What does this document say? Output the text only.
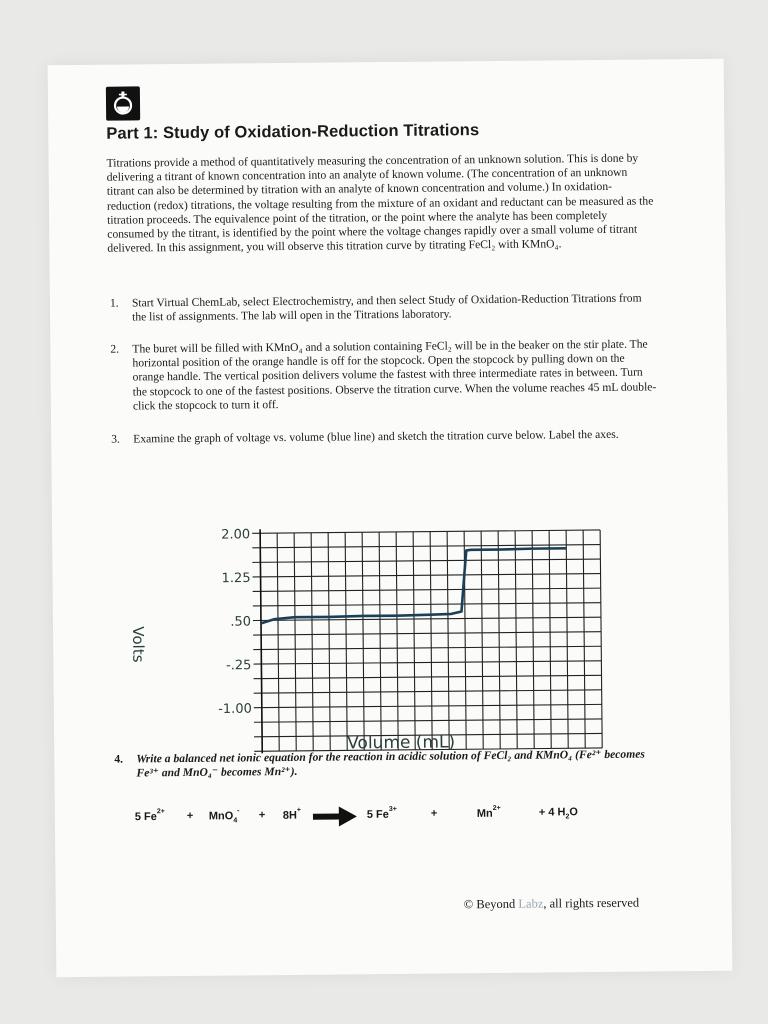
Part 1: Study of Oxidation-Reduction Titrations
Titrations provide a method of quantitatively measuring the concentration of an unknown solution. This is done by delivering a titrant of known concentration into an analyte of known volume. (The concentration of an unknown titrant can also be determined by titration with an analyte of known concentration and volume.) In oxidation-reduction (redox) titrations, the voltage resulting from the mixture of an oxidant and reductant can be measured as the titration proceeds. The equivalence point of the titration, or the point where the analyte has been completely consumed by the titrant, is identified by the point where the voltage changes rapidly over a small volume of titrant delivered. In this assignment, you will observe this titration curve by titrating FeCl₂ with KMnO₄.
1. Start Virtual ChemLab, select Electrochemistry, and then select Study of Oxidation-Reduction Titrations from the list of assignments. The lab will open in the Titrations laboratory.
2. The buret will be filled with KMnO₄ and a solution containing FeCl₂ will be in the beaker on the stir plate. The horizontal position of the orange handle is off for the stopcock. Open the stopcock by pulling down on the orange handle. The vertical position delivers volume the fastest with three intermediate rates in between. Turn the stopcock to one of the fastest positions. Observe the titration curve. When the volume reaches 45 mL double-click the stopcock to turn it off.
3. Examine the graph of voltage vs. volume (blue line) and sketch the titration curve below. Label the axes.
2.00
1.25
.50
-.25
-1.00
Volts
Volume (mL)
4. Write a balanced net ionic equation for the reaction in acidic solution of FeCl₂ and KMnO₄ (Fe²⁺ becomes Fe³⁺ and MnO₄⁻ becomes Mn²⁺).
5 $Fe^{2+} + MnO_4^- + 8H^+$	5 $Fe^{3+}$	+	$Mn^{2+}$	+ 4 $H_2O$
© Beyond Labz, all rights reserved
